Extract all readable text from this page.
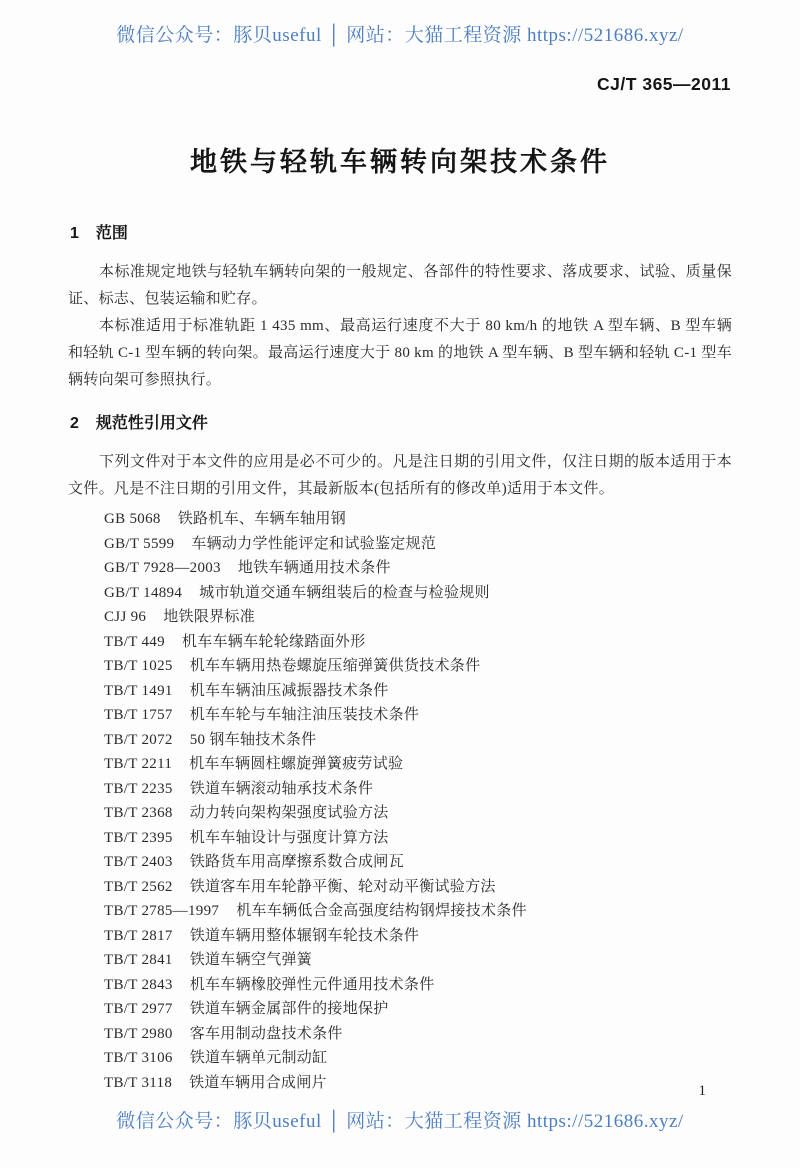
微信公众号：豚贝useful │ 网站：大猫工程资源 https://521686.xyz/
CJ/T 365—2011
地铁与轻轨车辆转向架技术条件
1 范围

本标准规定地铁与轻轨车辆转向架的一般规定、各部件的特性要求、落成要求、试验、质量保证、标志、包装运输和贮存。

本标准适用于标准轨距 1 435 mm、最高运行速度不大于 80 km/h 的地铁 A 型车辆、B 型车辆和轻轨 C-1 型车辆的转向架。最高运行速度大于 80 km 的地铁 A 型车辆、B 型车辆和轻轨 C-1 型车辆转向架可参照执行。

2 规范性引用文件

下列文件对于本文件的应用是必不可少的。凡是注日期的引用文件，仅注日期的版本适用于本文件。凡是不注日期的引用文件，其最新版本(包括所有的修改单)适用于本文件。

GB 5068 铁路机车、车辆车轴用钢
GB/T 5599 车辆动力学性能评定和试验鉴定规范
GB/T 7928—2003 地铁车辆通用技术条件
GB/T 14894 城市轨道交通车辆组装后的检查与检验规则
CJJ 96 地铁限界标准
TB/T 449 机车车辆车轮轮缘踏面外形
TB/T 1025 机车车辆用热卷螺旋压缩弹簧供货技术条件
TB/T 1491 机车车辆油压减振器技术条件
TB/T 1757 机车车轮与车轴注油压装技术条件
TB/T 2072 50 钢车轴技术条件
TB/T 2211 机车车辆圆柱螺旋弹簧疲劳试验
TB/T 2235 铁道车辆滚动轴承技术条件
TB/T 2368 动力转向架构架强度试验方法
TB/T 2395 机车车轴设计与强度计算方法
TB/T 2403 铁路货车用高摩擦系数合成闸瓦
TB/T 2562 铁道客车用车轮静平衡、轮对动平衡试验方法
TB/T 2785—1997 机车车辆低合金高强度结构钢焊接技术条件
TB/T 2817 铁道车辆用整体辗钢车轮技术条件
TB/T 2841 铁道车辆空气弹簧
TB/T 2843 机车车辆橡胶弹性元件通用技术条件
TB/T 2977 铁道车辆金属部件的接地保护
TB/T 2980 客车用制动盘技术条件
TB/T 3106 铁道车辆单元制动缸
TB/T 3118 铁道车辆用合成闸片
1
微信公众号：豚贝useful │ 网站：大猫工程资源 https://521686.xyz/
